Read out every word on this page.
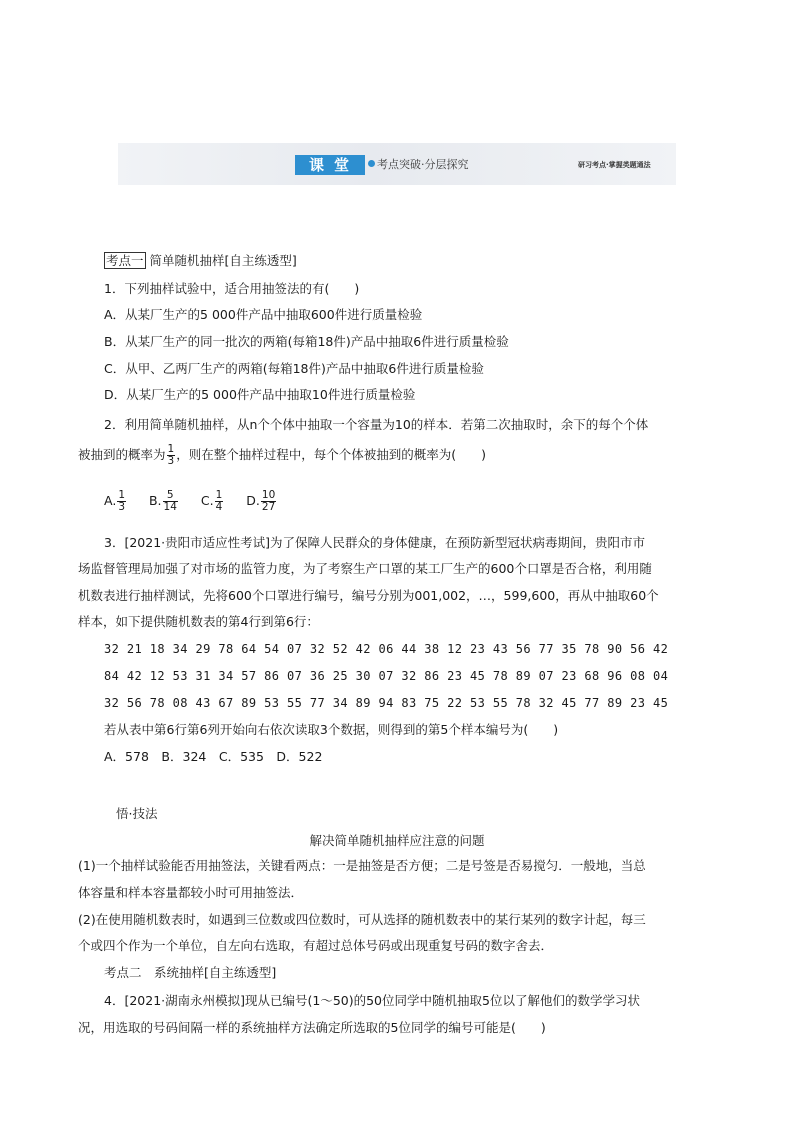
课堂	考点突破·分层探究	研习考点·掌握类题通法
考点一 简单随机抽样[自主练透型]
1．下列抽样试验中，适合用抽签法的有(　　)
A．从某厂生产的5 000件产品中抽取600件进行质量检验
B．从某厂生产的同一批次的两箱(每箱18件)产品中抽取6件进行质量检验
C．从甲、乙两厂生产的两箱(每箱18件)产品中抽取6件进行质量检验
D．从某厂生产的5 000件产品中抽取10件进行质量检验
2．利用简单随机抽样，从n个个体中抽取一个容量为10的样本．若第二次抽取时，余下的每个个体
被抽到的概率为 $\frac{1}{3}$ ，则在整个抽样过程中，每个个体被抽到的概率为(　　)
A. $\frac{1}{3} B$. $\frac{5}{14} C$. $\frac{1}{4} D$. $\frac{10}{27}$
3．[2021·贵阳市适应性考试]为了保障人民群众的身体健康，在预防新型冠状病毒期间，贵阳市市
场监督管理局加强了对市场的监管力度，为了考察生产口罩的某工厂生产的600个口罩是否合格，利用随
机数表进行抽样测试，先将600个口罩进行编号，编号分别为001,002，…，599,600，再从中抽取60个
样本，如下提供随机数表的第4行到第6行：
32 21 18 34 29 78 64 54 07 32 52 42 06 44 38 12 23 43 56 77 35 78 90 56 42
84 42 12 53 31 34 57 86 07 36 25 30 07 32 86 23 45 78 89 07 23 68 96 08 04
32 56 78 08 43 67 89 53 55 77 34 89 94 83 75 22 53 55 78 32 45 77 89 23 45
若从表中第6行第6列开始向右依次读取3个数据，则得到的第5个样本编号为(　　)
A．578　B．324　C．535　D．522
悟·技法
解决简单随机抽样应注意的问题
(1)一个抽样试验能否用抽签法，关键看两点：一是抽签是否方便；二是号签是否易搅匀．一般地，当总
体容量和样本容量都较小时可用抽签法．
(2)在使用随机数表时，如遇到三位数或四位数时，可从选择的随机数表中的某行某列的数字计起，每三
个或四个作为一个单位，自左向右选取，有超过总体号码或出现重复号码的数字舍去．
考点二　系统抽样[自主练透型]
4．[2021·湖南永州模拟]现从已编号(1～50)的50位同学中随机抽取5位以了解他们的数学学习状
况，用选取的号码间隔一样的系统抽样方法确定所选取的5位同学的编号可能是(　　)
